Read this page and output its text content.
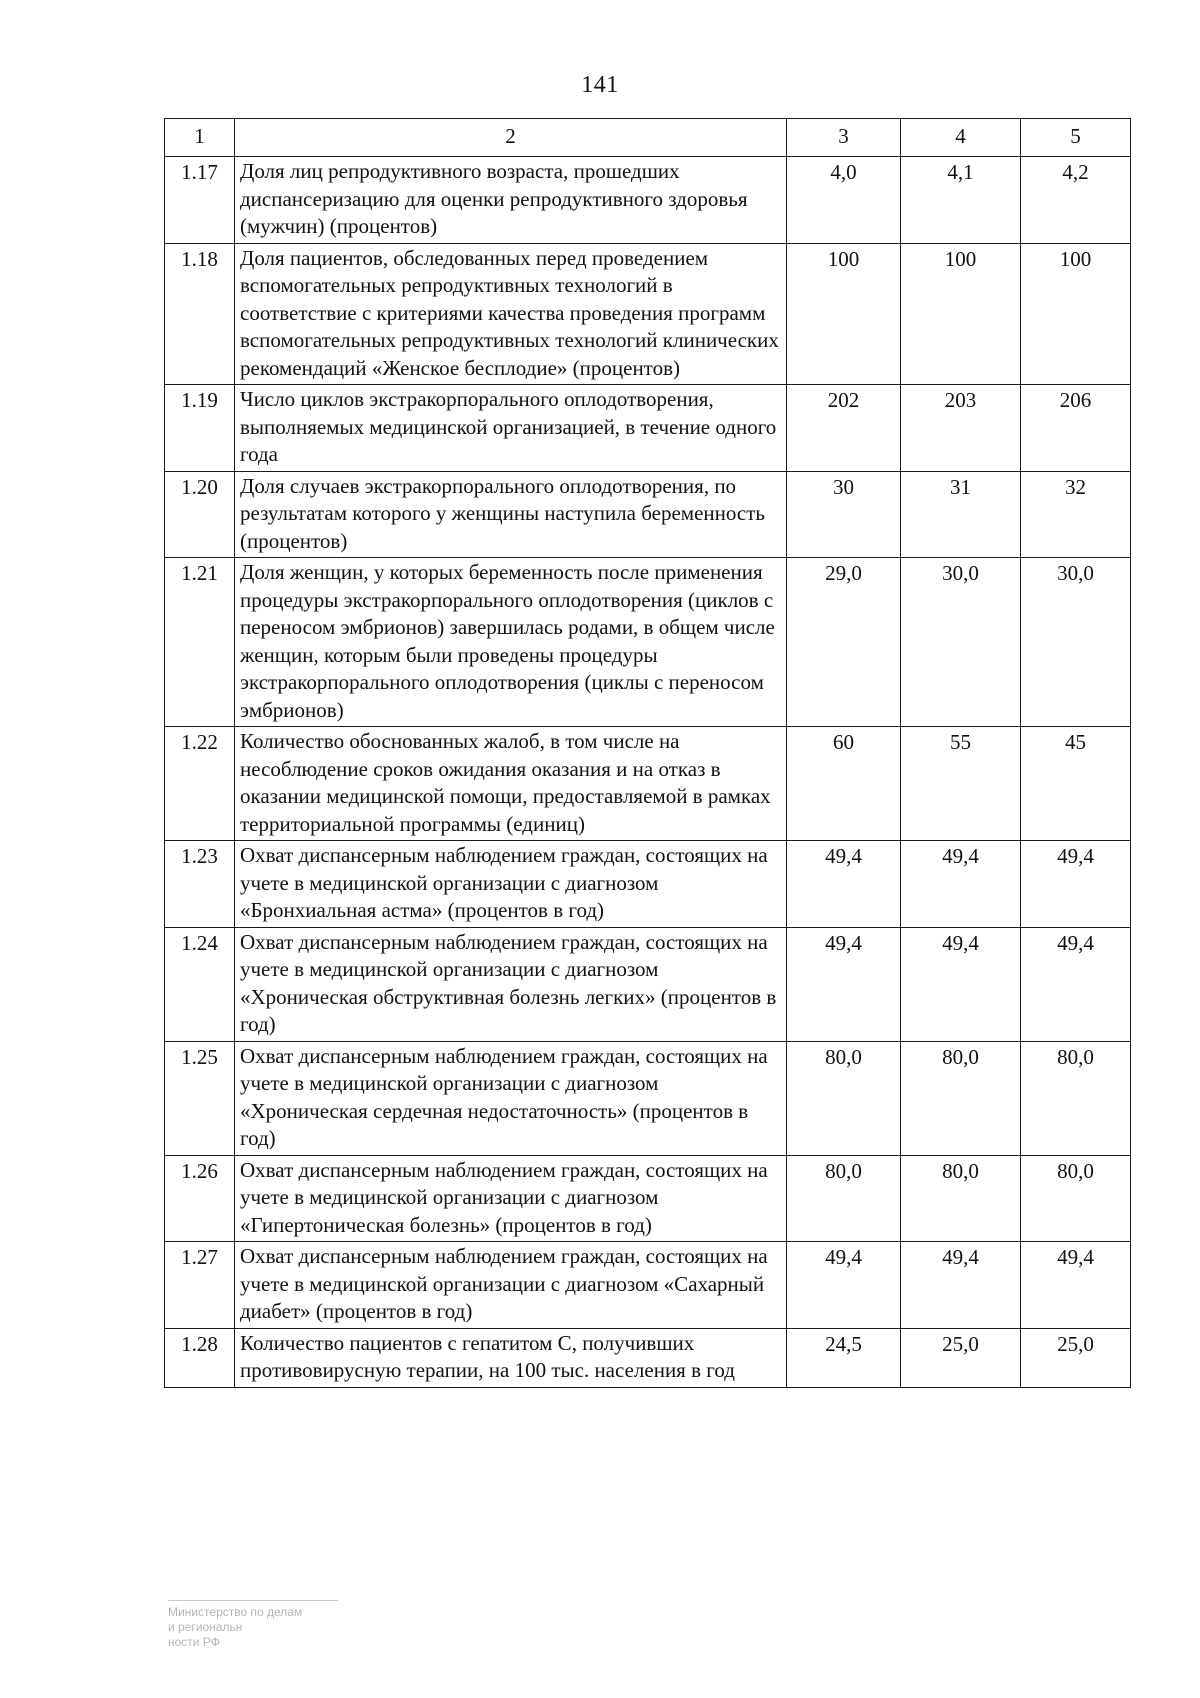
141
1	2	3	4	5
1.17	Доля лиц репродуктивного возраста, прошедших диспансеризацию для оценки репродуктивного здоровья (мужчин) (процентов)	4,0	4,1	4,2
1.18	Доля пациентов, обследованных перед проведением вспомогательных репродуктивных технологий в соответствие с критериями качества проведения программ вспомогательных репродуктивных технологий клинических рекомендаций «Женское бесплодие» (процентов)	100	100	100
1.19	Число циклов экстракорпорального оплодотворения, выполняемых медицинской организацией, в течение одного года	202	203	206
1.20	Доля случаев экстракорпорального оплодотворения, по результатам которого у женщины наступила беременность (процентов)	30	31	32
1.21	Доля женщин, у которых беременность после применения процедуры экстракорпорального оплодотворения (циклов с переносом эмбрионов) завершилась родами, в общем числе женщин, которым были проведены процедуры экстракорпорального оплодотворения (циклы с переносом эмбрионов)	29,0	30,0	30,0
1.22	Количество обоснованных жалоб, в том числе на несоблюдение сроков ожидания оказания и на отказ в оказании медицинской помощи, предоставляемой в рамках территориальной программы (единиц)	60	55	45
1.23	Охват диспансерным наблюдением граждан, состоящих на учете в медицинской организации с диагнозом «Бронхиальная астма» (процентов в год)	49,4	49,4	49,4
1.24	Охват диспансерным наблюдением граждан, состоящих на учете в медицинской организации с диагнозом «Хроническая обструктивная болезнь легких» (процентов в год)	49,4	49,4	49,4
1.25	Охват диспансерным наблюдением граждан, состоящих на учете в медицинской организации с диагнозом «Хроническая сердечная недостаточность» (процентов в год)	80,0	80,0	80,0
1.26	Охват диспансерным наблюдением граждан, состоящих на учете в медицинской организации с диагнозом «Гипертоническая болезнь» (процентов в год)	80,0	80,0	80,0
1.27	Охват диспансерным наблюдением граждан, состоящих на учете в медицинской организации с диагнозом «Сахарный диабет» (процентов в год)	49,4	49,4	49,4
1.28	Количество пациентов с гепатитом С, получивших противовирусную терапии, на 100 тыс. населения в год	24,5	25,0	25,0
Министерство по делам
и региональн
ности РФ
